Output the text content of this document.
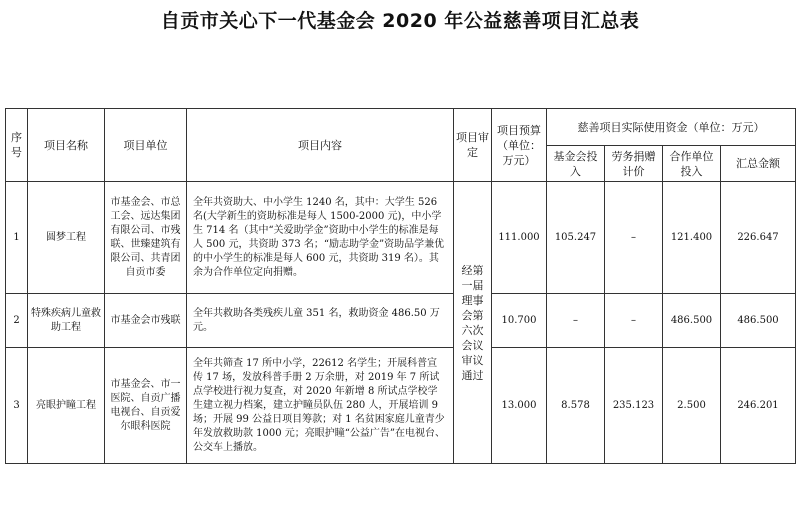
自贡市关心下一代基金会 2020 年公益慈善项目汇总表
序号	项目名称	项目单位	项目内容	项目审定	项目预算（单位：万元）	慈善项目实际使用资金（单位：万元）			
						基金会投入	劳务捐赠计价	合作单位投入	汇总金额
1	圆梦工程	市基金会、市总工会、远达集团有限公司、市残联、世臻建筑有限公司、共青团自贡市委	全年共资助大、中小学生 1240 名，其中：大学生 526 名(大学新生的资助标准是每人 1500-2000 元)，中小学生 714 名（其中“关爱助学金”资助中小学生的标准是每人 500 元，共资助 373 名；“励志助学金”资助品学兼优的中小学生的标准是每人 600 元，共资助 319 名）。其余为合作单位定向捐赠。	经第一届理事会第六次会议审议通过	111.000	105.247	–	121.400	226.647
2	特殊疾病儿童救助工程	市基金会市残联	全年共救助各类残疾儿童 351 名，救助资金 486.50 万元。		10.700	–	–	486.500	486.500
3	亮眼护瞳工程	市基金会、市一医院、自贡广播电视台、自贡爱尔眼科医院	全年共筛查 17 所中小学，22612 名学生；开展科普宣传 17 场，发放科普手册 2 万余册，对 2019 年 7 所试点学校进行视力复查，对 2020 年新增 8 所试点学校学生建立视力档案，建立护瞳员队伍 280 人，开展培训 9 场；开展 99 公益日项目筹款；对 1 名贫困家庭儿童青少年发放救助款 1000 元；亮眼护瞳“公益广告”在电视台、公交车上播放。		13.000	8.578	235.123	2.500	246.201
